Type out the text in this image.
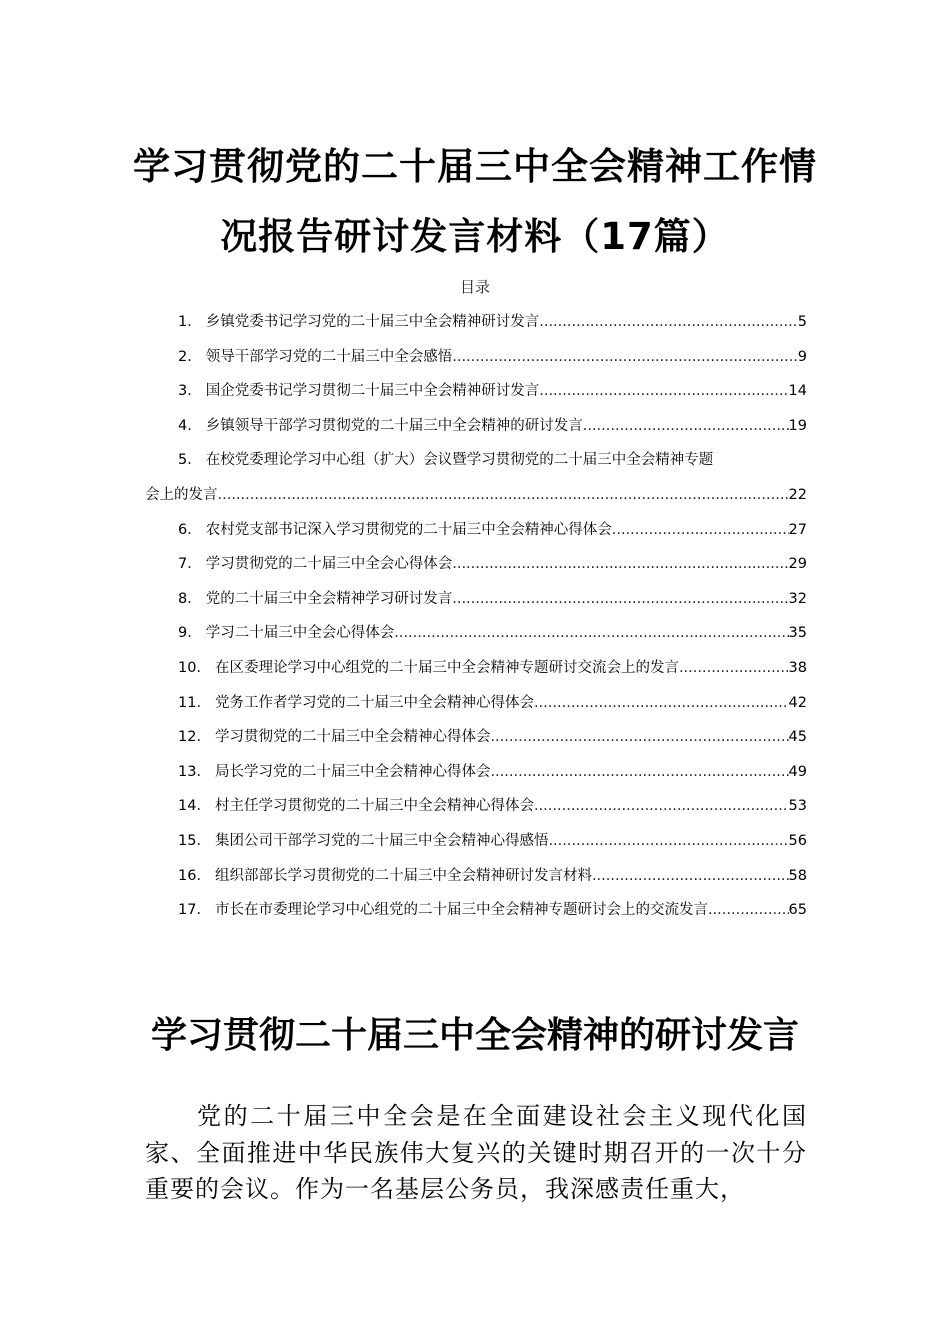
学习贯彻党的二十届三中全会精神工作情
况报告研讨发言材料（17篇）

目录

1． 乡镇党委书记学习党的二十届三中全会精神研讨发言 .....	5
2． 领导干部学习党的二十届三中全会感悟 .....	9
3． 国企党委书记学习贯彻二十届三中全会精神研讨发言 .....	14
4． 乡镇领导干部学习贯彻党的二十届三中全会精神的研讨发言 .....	19
5． 在校党委理论学习中心组（扩大）会议暨学习贯彻党的二十届三中全会精神专题
会上的发言 .....	22
6． 农村党支部书记深入学习贯彻党的二十届三中全会精神心得体会 .....	27
7． 学习贯彻党的二十届三中全会心得体会 .....	29
8． 党的二十届三中全会精神学习研讨发言 .....	32
9． 学习二十届三中全会心得体会 .....	35
10． 在区委理论学习中心组党的二十届三中全会精神专题研讨交流会上的发言 .....	38
11． 党务工作者学习党的二十届三中全会精神心得体会 .....	42
12． 学习贯彻党的二十届三中全会精神心得体会 .....	45
13． 局长学习党的二十届三中全会精神心得体会 .....	49
14． 村主任学习贯彻党的二十届三中全会精神心得体会 .....	53
15． 集团公司干部学习党的二十届三中全会精神心得感悟 .....	56
16． 组织部部长学习贯彻党的二十届三中全会精神研讨发言材料 .....	58
17． 市长在市委理论学习中心组党的二十届三中全会精神专题研讨会上的交流发言 .....	65
学习贯彻二十届三中全会精神的研讨发言

党的二十届三中全会是在全面建设社会主义现代化国家、全面推进中华民族伟大复兴的关键时期召开的一次十分重要的会议。作为一名基层公务员，我深感责任重大，
